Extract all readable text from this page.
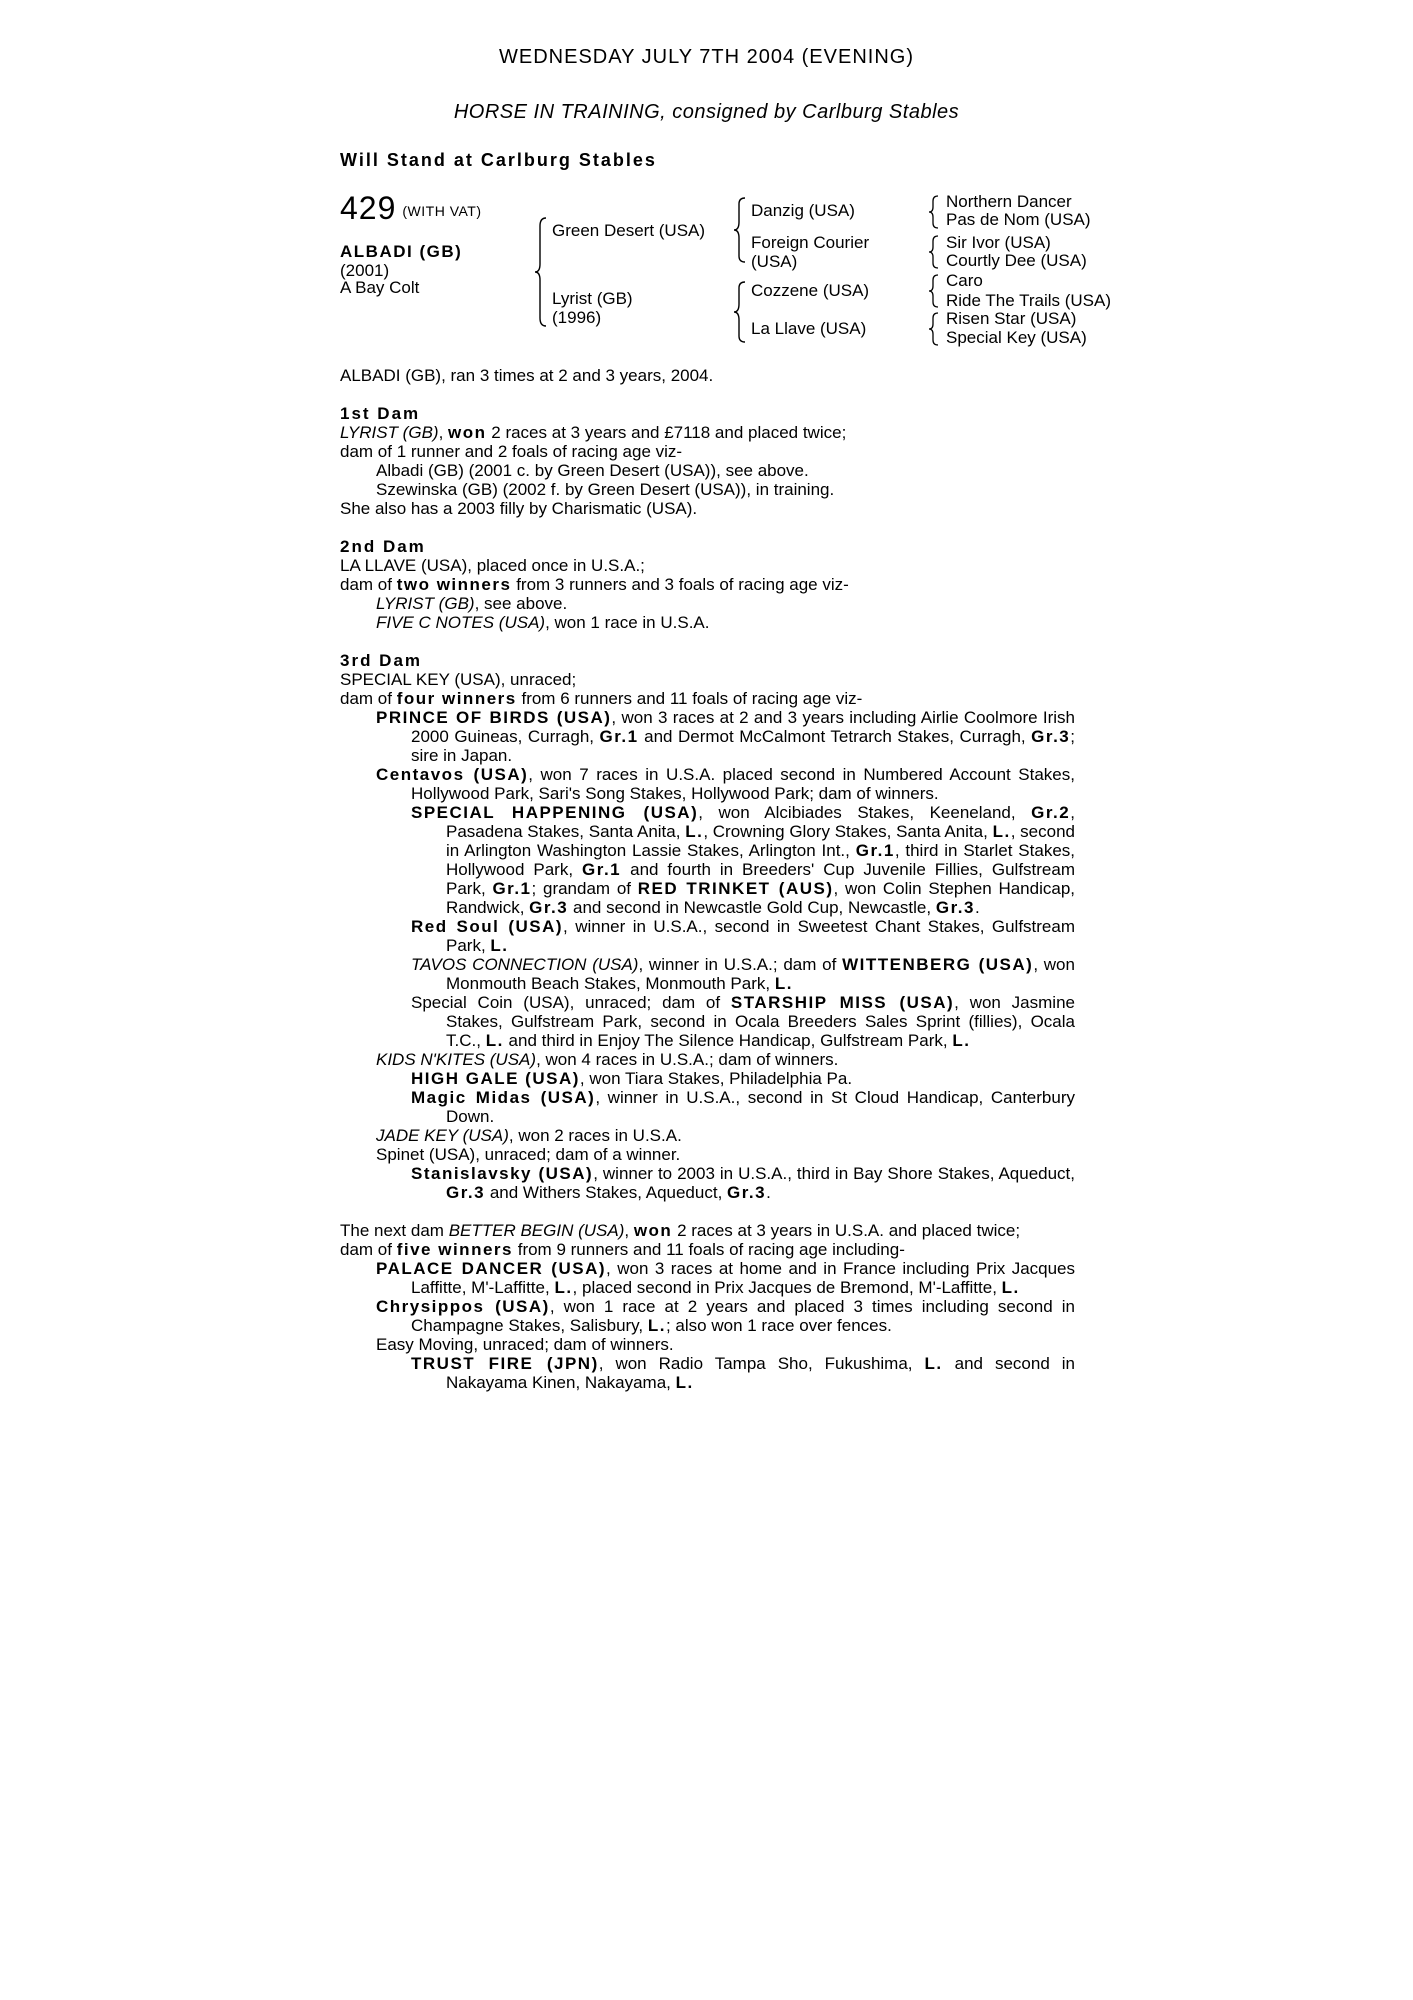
WEDNESDAY JULY 7TH 2004 (EVENING)
HORSE IN TRAINING, consigned by Carlburg Stables
Will Stand at Carlburg Stables
429 (WITH VAT)
ALBADI (GB)
(2001)
A Bay Colt
Green Desert (USA)
Lyrist (GB)
(1996)
Danzig (USA)
Foreign Courier
(USA)
Cozzene (USA)
La Llave (USA)
Northern Dancer
Pas de Nom (USA)
Sir Ivor (USA)
Courtly Dee (USA)
Caro
Ride The Trails (USA)
Risen Star (USA)
Special Key (USA)

ALBADI (GB), ran 3 times at 2 and 3 years, 2004.

1st Dam

LYRIST (GB), won 2 races at 3 years and £7118 and placed twice;

dam of 1 runner and 2 foals of racing age viz-

Albadi (GB) (2001 c. by Green Desert (USA)), see above.

Szewinska (GB) (2002 f. by Green Desert (USA)), in training.

She also has a 2003 filly by Charismatic (USA).

2nd Dam

LA LLAVE (USA), placed once in U.S.A.;

dam of two winners from 3 runners and 3 foals of racing age viz-

LYRIST (GB), see above.

FIVE C NOTES (USA), won 1 race in U.S.A.

3rd Dam

SPECIAL KEY (USA), unraced;

dam of four winners from 6 runners and 11 foals of racing age viz-

PRINCE OF BIRDS (USA), won 3 races at 2 and 3 years including Airlie Coolmore Irish 2000 Guineas, Curragh, Gr.1 and Dermot McCalmont Tetrarch Stakes, Curragh, Gr.3; sire in Japan.

Centavos (USA), won 7 races in U.S.A. placed second in Numbered Account Stakes, Hollywood Park, Sari's Song Stakes, Hollywood Park; dam of winners.

SPECIAL HAPPENING (USA), won Alcibiades Stakes, Keeneland, Gr.2, Pasadena Stakes, Santa Anita, L., Crowning Glory Stakes, Santa Anita, L., second in Arlington Washington Lassie Stakes, Arlington Int., Gr.1, third in Starlet Stakes, Hollywood Park, Gr.1 and fourth in Breeders' Cup Juvenile Fillies, Gulfstream Park, Gr.1; grandam of RED TRINKET (AUS), won Colin Stephen Handicap, Randwick, Gr.3 and second in Newcastle Gold Cup, Newcastle, Gr.3.

Red Soul (USA), winner in U.S.A., second in Sweetest Chant Stakes, Gulfstream Park, L.

TAVOS CONNECTION (USA), winner in U.S.A.; dam of WITTENBERG (USA), won Monmouth Beach Stakes, Monmouth Park, L.

Special Coin (USA), unraced; dam of STARSHIP MISS (USA), won Jasmine Stakes, Gulfstream Park, second in Ocala Breeders Sales Sprint (fillies), Ocala T.C., L. and third in Enjoy The Silence Handicap, Gulfstream Park, L.

KIDS N'KITES (USA), won 4 races in U.S.A.; dam of winners.

HIGH GALE (USA), won Tiara Stakes, Philadelphia Pa.

Magic Midas (USA), winner in U.S.A., second in St Cloud Handicap, Canterbury Down.

JADE KEY (USA), won 2 races in U.S.A.

Spinet (USA), unraced; dam of a winner.

Stanislavsky (USA), winner to 2003 in U.S.A., third in Bay Shore Stakes, Aqueduct, Gr.3 and Withers Stakes, Aqueduct, Gr.3.

The next dam BETTER BEGIN (USA), won 2 races at 3 years in U.S.A. and placed twice;

dam of five winners from 9 runners and 11 foals of racing age including-

PALACE DANCER (USA), won 3 races at home and in France including Prix Jacques Laffitte, M'-Laffitte, L., placed second in Prix Jacques de Bremond, M'-Laffitte, L.

Chrysippos (USA), won 1 race at 2 years and placed 3 times including second in Champagne Stakes, Salisbury, L.; also won 1 race over fences.

Easy Moving, unraced; dam of winners.

TRUST FIRE (JPN), won Radio Tampa Sho, Fukushima, L. and second in Nakayama Kinen, Nakayama, L.
